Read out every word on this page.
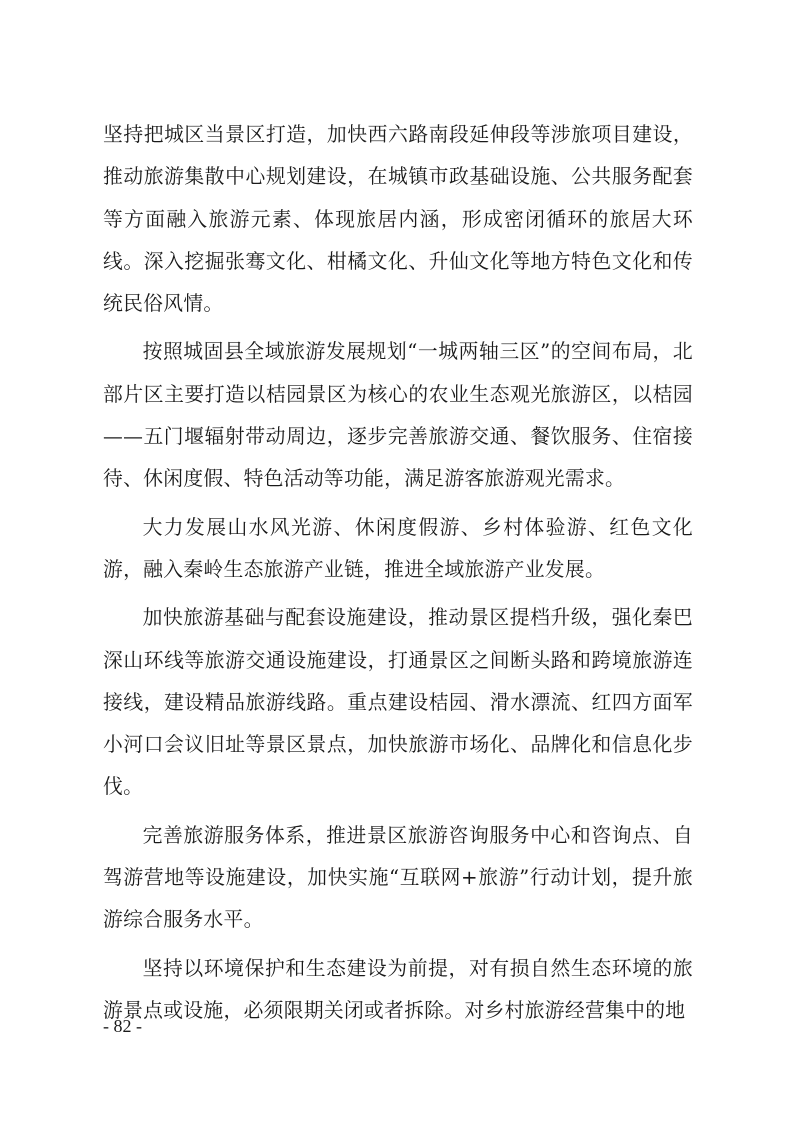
坚持把城区当景区打造，加快西六路南段延伸段等涉旅项目建设，推动旅游集散中心规划建设，在城镇市政基础设施、公共服务配套等方面融入旅游元素、体现旅居内涵，形成密闭循环的旅居大环线。深入挖掘张骞文化、柑橘文化、升仙文化等地方特色文化和传统民俗风情。

按照城固县全域旅游发展规划“一城两轴三区”的空间布局，北部片区主要打造以桔园景区为核心的农业生态观光旅游区，以桔园——五门堰辐射带动周边，逐步完善旅游交通、餐饮服务、住宿接待、休闲度假、特色活动等功能，满足游客旅游观光需求。

大力发展山水风光游、休闲度假游、乡村体验游、红色文化游，融入秦岭生态旅游产业链，推进全域旅游产业发展。

加快旅游基础与配套设施建设，推动景区提档升级，强化秦巴深山环线等旅游交通设施建设，打通景区之间断头路和跨境旅游连接线，建设精品旅游线路。重点建设桔园、滑水漂流、红四方面军小河口会议旧址等景区景点，加快旅游市场化、品牌化和信息化步伐。

完善旅游服务体系，推进景区旅游咨询服务中心和咨询点、自驾游营地等设施建设，加快实施“互联网+旅游”行动计划，提升旅游综合服务水平。

坚持以环境保护和生态建设为前提，对有损自然生态环境的旅游景点或设施，必须限期关闭或者拆除。对乡村旅游经营集中的地

- 82 -
